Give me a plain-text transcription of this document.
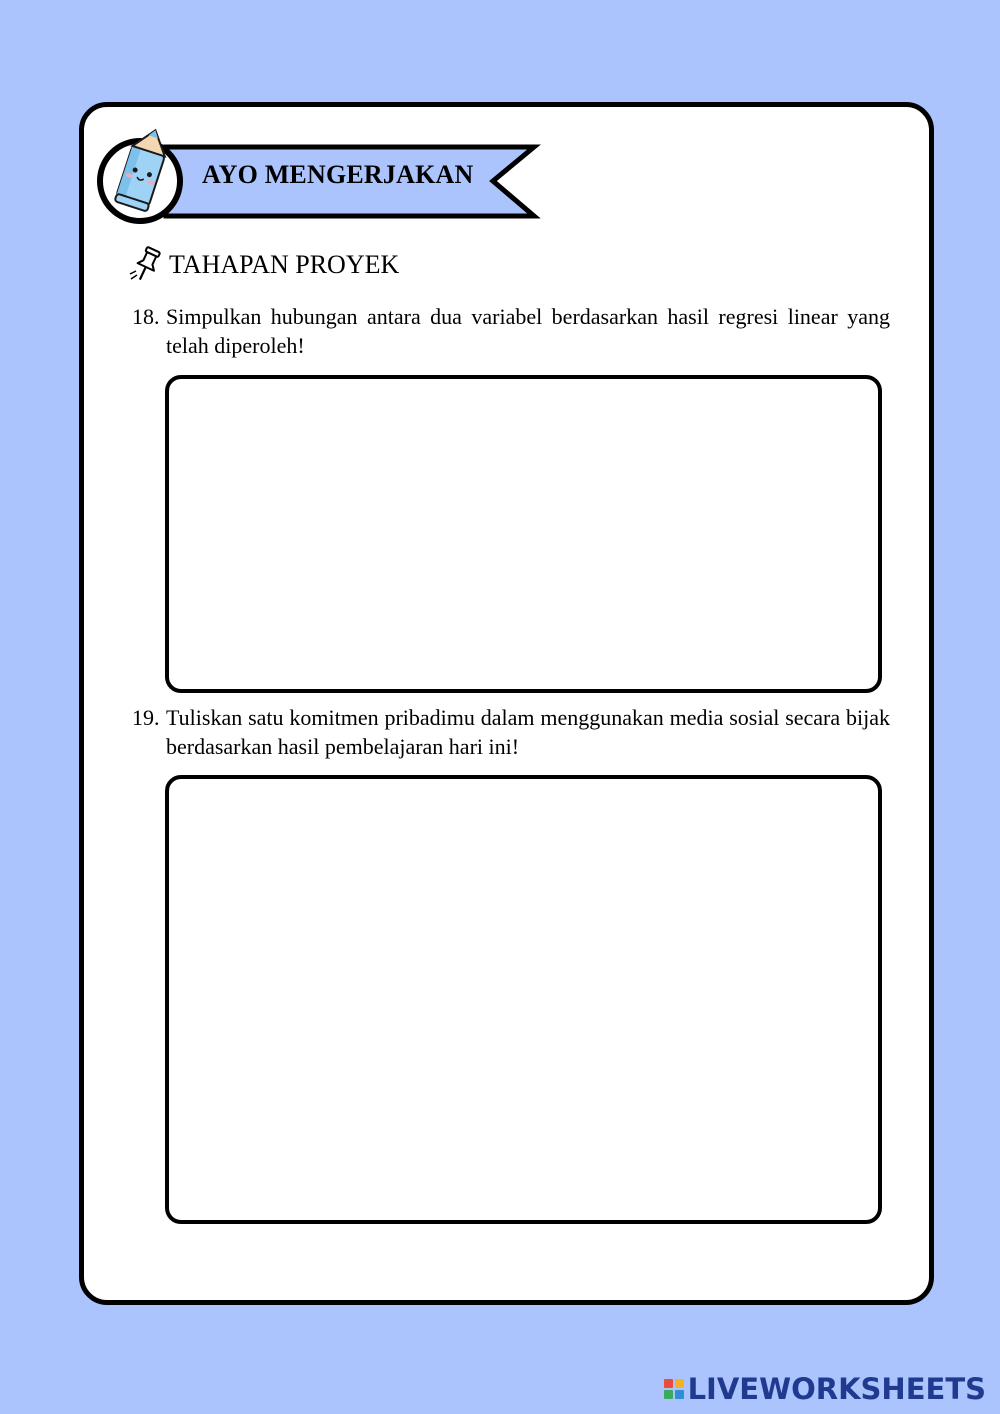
AYO MENGERJAKAN
TAHAPAN PROYEK
18. Simpulkan hubungan antara dua variabel berdasarkan hasil regresi linear yang telah diperoleh!
19. Tuliskan satu komitmen pribadimu dalam menggunakan media sosial secara bijak berdasarkan hasil pembelajaran hari ini!
LIVEWORKSHEETS
